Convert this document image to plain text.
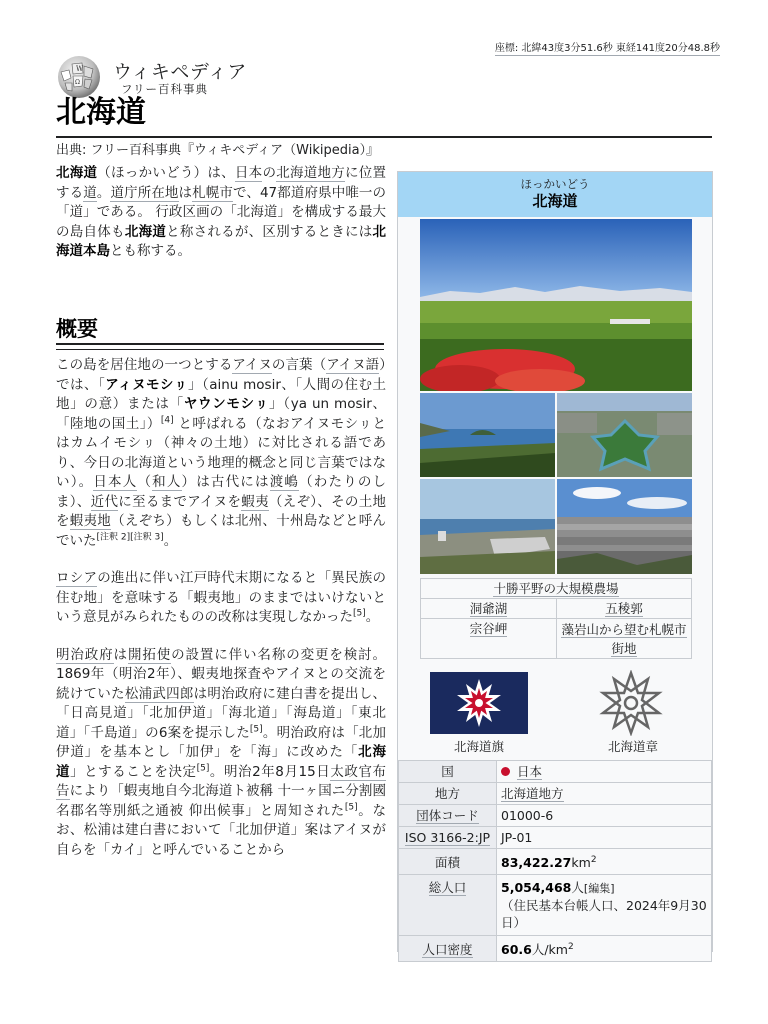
座標: 北緯43度3分51.6秒 東経141度20分48.8秒
W
Ω ウィキペディア
フリー百科事典
北海道
出典: フリー百科事典『ウィキペディア（Wikipedia）』

北海道（ほっかいどう）は、日本の北海道地方に位置する道。道庁所在地は札幌市で、47都道府県中唯一の「道」である。 行政区画の「北海道」を構成する最大の島自体も北海道と称されるが、区別するときには北海道本島とも称する。

概要

この島を居住地の一つとするアイヌの言葉（アイヌ語）では、「アィヌモシㇼ」（ainu mosir、「人間の住む土地」の意）または「ヤウンモシㇼ」（ya un mosir、「陸地の国土」）[4] と呼ばれる（なおアイヌモシㇼとはカムイモシㇼ（神々の土地）に対比される語であり、今日の北海道という地理的概念と同じ言葉ではない）。日本人（和人）は古代には渡嶋（わたりのしま）、近代に至るまでアイヌを蝦夷（えぞ）、その土地を蝦夷地（えぞち）もしくは北州、十州島などと呼んでいた[注釈 2][注釈 3]。

ロシアの進出に伴い江戸時代末期になると「異民族の住む地」を意味する「蝦夷地」のままではいけないという意見がみられたものの改称は実現しなかった[5]。

明治政府は開拓使の設置に伴い名称の変更を検討。1869年（明治2年）、蝦夷地探査やアイヌとの交流を続けていた松浦武四郎は明治政府に建白書を提出し、「日高見道」「北加伊道」「海北道」「海島道」「東北道」「千島道」の6案を提示した[5]。明治政府は「北加伊道」を基本とし「加伊」を「海」に改めた「北海道」とすることを決定[5]。明治2年8月15日太政官布告により「蝦夷地自今北海道ト被稱 十一ヶ国ニ分割國名郡名等別紙之通被 仰出候事」と周知された[5]。なお、松浦は建白書において「北加伊道」案はアイヌが自らを「カイ」と呼んでいることから

ほっかいどう
北海道
十勝平野の大規模農場	
洞爺湖	五稜郭
宗谷岬	藻岩山から望む札幌市街地
北海道旗	北海道章
国	日本
地方	北海道地方
団体コード	01000-6
ISO 3166-2:JP	JP-01
面積	$83,422.27km^2$
総人口	5,054,468人[編集]
（住民基本台帳人口、2024年9月30日）
人口密度	60.6人$/km^2$
